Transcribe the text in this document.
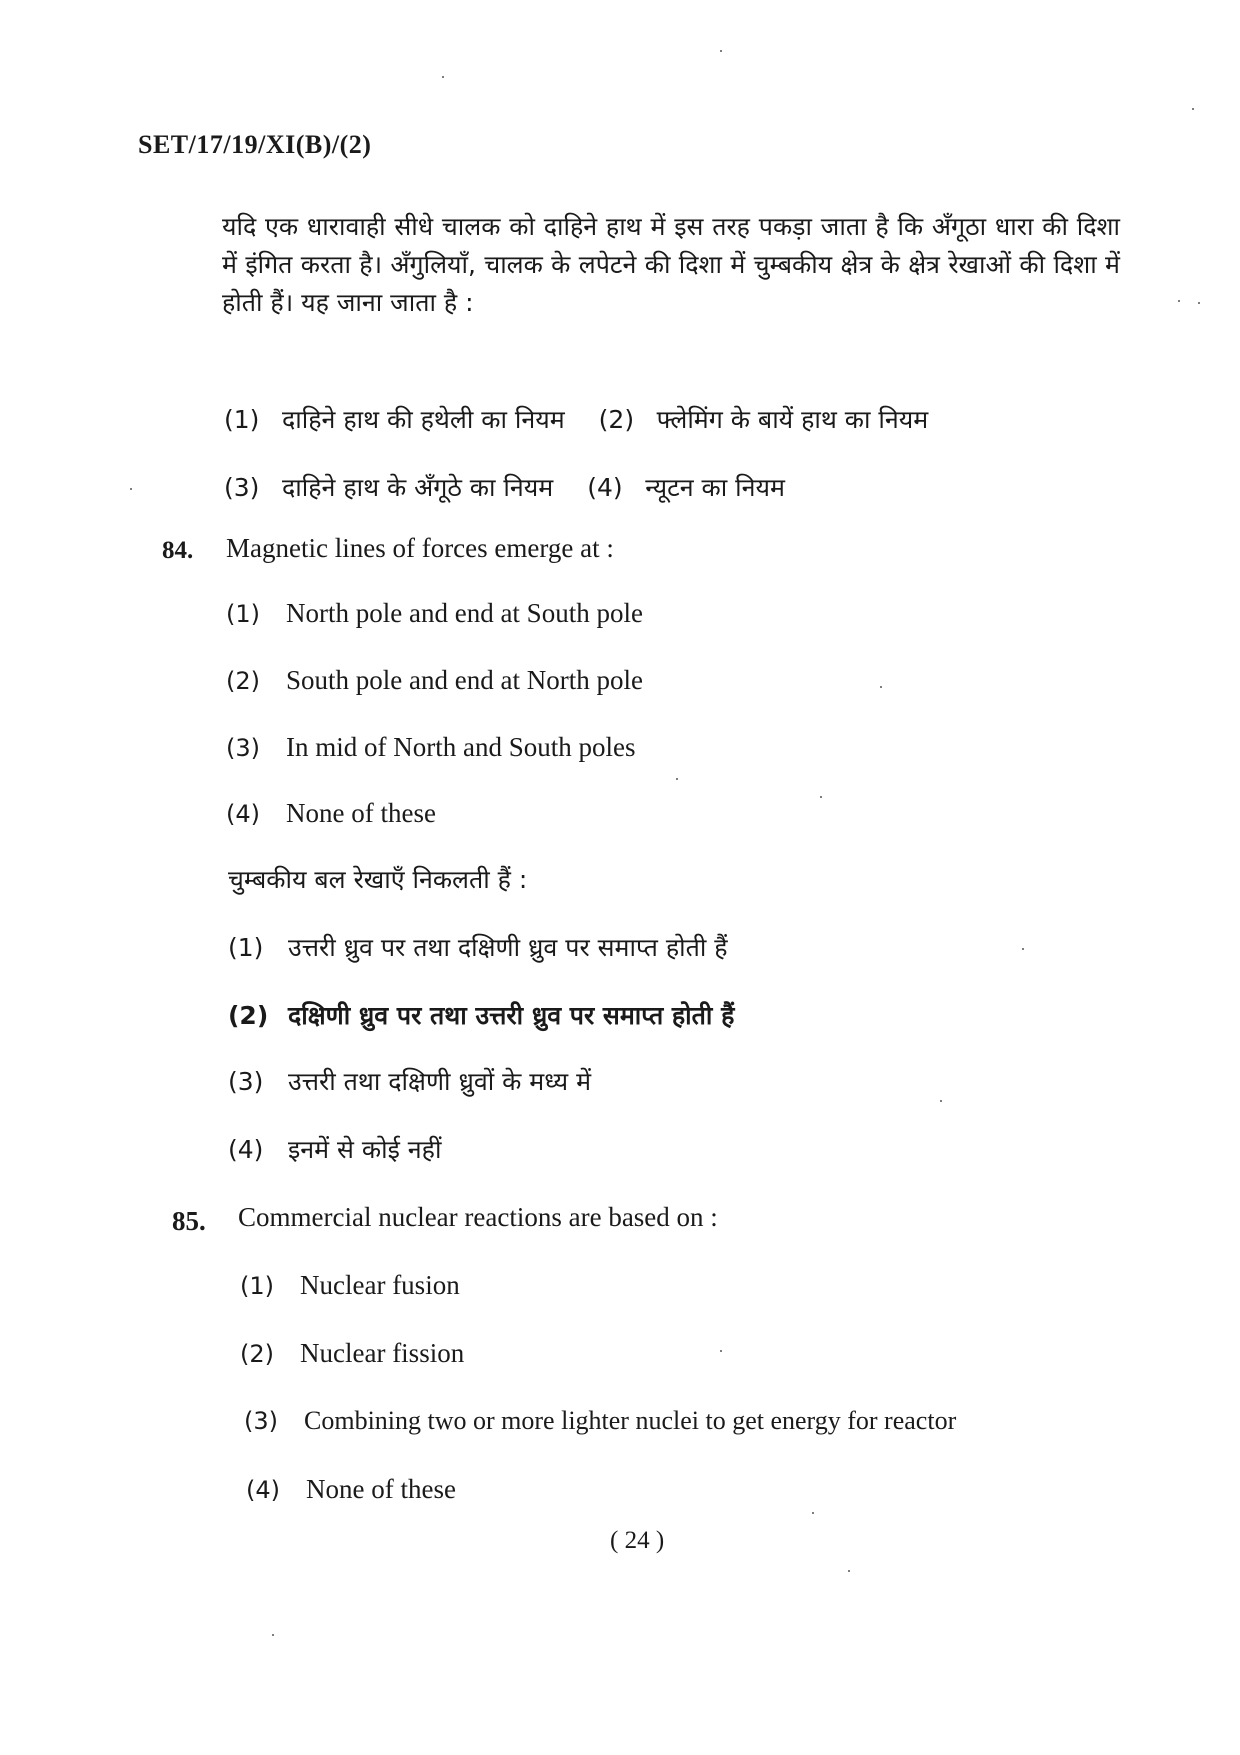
SET/17/19/XI(B)/(2)
यदि एक धारावाही सीधे चालक को दाहिने हाथ में इस तरह पकड़ा जाता है कि अँगूठा धारा की दिशा में इंगित करता है। अँगुलियाँ, चालक के लपेटने की दिशा में चुम्बकीय क्षेत्र के क्षेत्र रेखाओं की दिशा में होती हैं। यह जाना जाता है :
(1) दाहिने हाथ की हथेली का नियम (2) फ्लेमिंग के बायें हाथ का नियम
(3) दाहिने हाथ के अँगूठे का नियम (4) न्यूटन का नियम
84. Magnetic lines of forces emerge at :
(1) North pole and end at South pole
(2) South pole and end at North pole
(3) In mid of North and South poles
(4) None of these
चुम्बकीय बल रेखाएँ निकलती हैं :
(1) उत्तरी ध्रुव पर तथा दक्षिणी ध्रुव पर समाप्त होती हैं
(2) दक्षिणी ध्रुव पर तथा उत्तरी ध्रुव पर समाप्त होती हैं
(3) उत्तरी तथा दक्षिणी ध्रुवों के मध्य में
(4) इनमें से कोई नहीं
85. Commercial nuclear reactions are based on :
(1) Nuclear fusion
(2) Nuclear fission
(3) Combining two or more lighter nuclei to get energy for reactor
(4) None of these
( 24 )
